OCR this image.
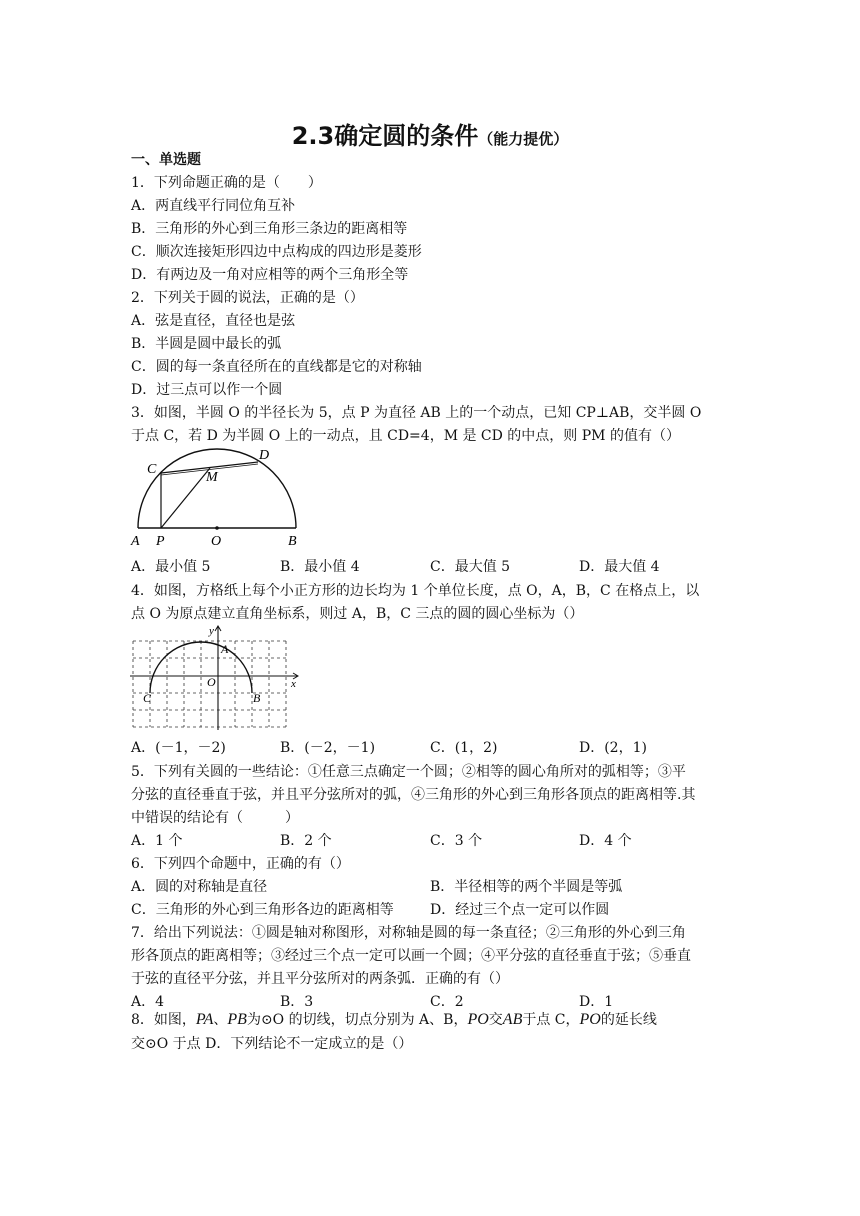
2.3确定圆的条件（能力提优）
一、单选题
1．下列命题正确的是（　　）
A．两直线平行同位角互补
B．三角形的外心到三角形三条边的距离相等
C．顺次连接矩形四边中点构成的四边形是菱形
D．有两边及一角对应相等的两个三角形全等
2．下列关于圆的说法，正确的是（）
A．弦是直径，直径也是弦
B．半圆是圆中最长的弧
C．圆的每一条直径所在的直线都是它的对称轴
D．过三点可以作一个圆
3．如图，半圆 O 的半径长为 5，点 P 为直径 AB 上的一个动点，已知 CP⊥AB，交半圆 O
于点 C，若 D 为半圆 O 上的一动点，且 CD=4，M 是 CD 的中点，则 PM 的值有（）
C
D
M
A P	O	B
A．最小值 5	B．最小值 4	C．最大值 5	D．最大值 4
4．如图，方格纸上每个小正方形的边长均为 1 个单位长度，点 O，A，B，C 在格点上，以
点 O 为原点建立直角坐标系，则过 A，B，C 三点的圆的圆心坐标为（）
y
x
A
O
C	B
A．(－1，－2)	B．(－2，－1)	C．(1，2)	D．(2，1)
5．下列有关圆的一些结论：①任意三点确定一个圆；②相等的圆心角所对的弧相等；③平
分弦的直径垂直于弦，并且平分弦所对的弧，④三角形的外心到三角形各顶点的距离相等.其
中错误的结论有（　　　）
A．1 个	B．2 个	C．3 个	D．4 个
6．下列四个命题中，正确的有（）
A．圆的对称轴是直径	B．半径相等的两个半圆是等弧
C．三角形的外心到三角形各边的距离相等	D．经过三个点一定可以作圆
7．给出下列说法：①圆是轴对称图形，对称轴是圆的每一条直径；②三角形的外心到三角
形各顶点的距离相等；③经过三个点一定可以画一个圆；④平分弦的直径垂直于弦；⑤垂直
于弦的直径平分弦，并且平分弦所对的两条弧．正确的有（）
A．4	B．3	C．2	D．1
8．如图，PA、PB为⊙O 的切线，切点分别为 A、B，PO交AB于点 C，PO的延长线
交⊙O 于点 D．下列结论不一定成立的是（）
